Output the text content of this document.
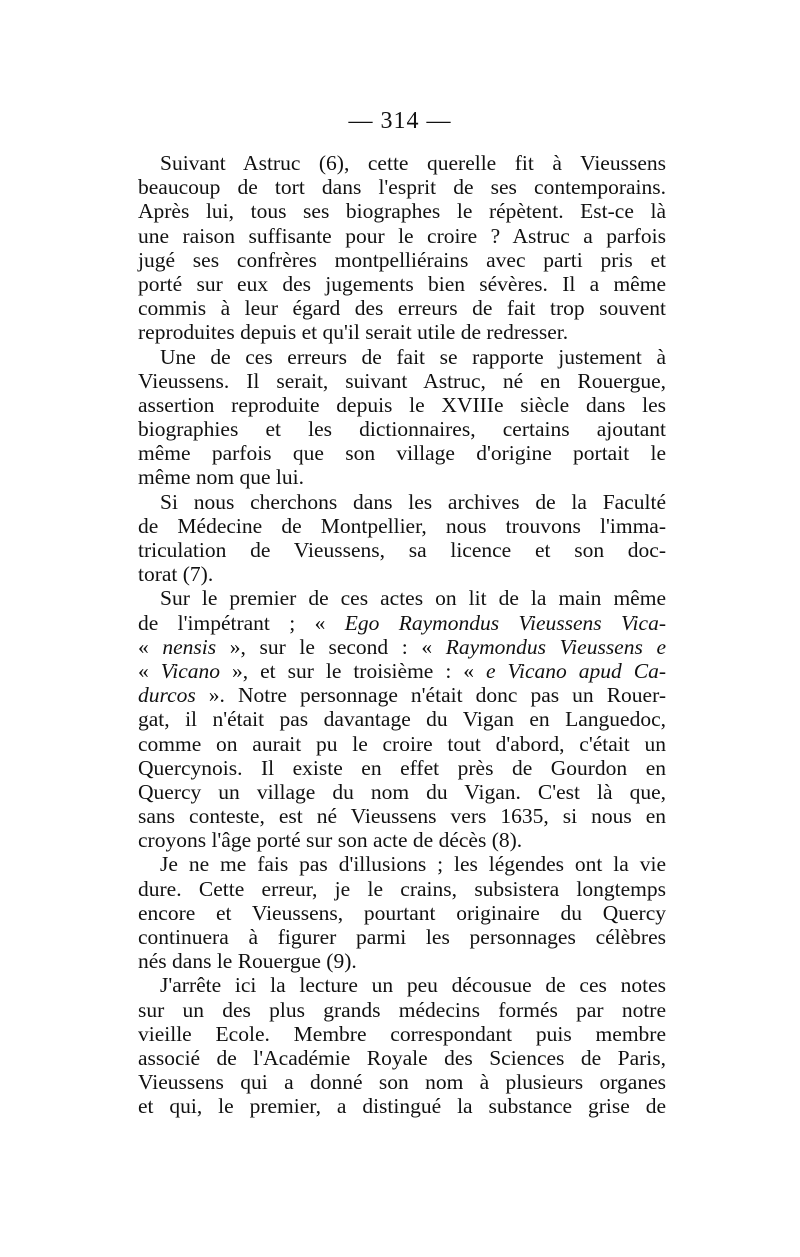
— 314 —
Suivant Astruc (6), cette querelle fit à Vieussens
beaucoup de tort dans l'esprit de ses contemporains.
Après lui, tous ses biographes le répètent. Est-ce là
une raison suffisante pour le croire ? Astruc a parfois
jugé ses confrères montpelliérains avec parti pris et
porté sur eux des jugements bien sévères. Il a même
commis à leur égard des erreurs de fait trop souvent
reproduites depuis et qu'il serait utile de redresser.
Une de ces erreurs de fait se rapporte justement à
Vieussens. Il serait, suivant Astruc, né en Rouergue,
assertion reproduite depuis le XVIIIe siècle dans les
biographies et les dictionnaires, certains ajoutant
même parfois que son village d'origine portait le
même nom que lui.
Si nous cherchons dans les archives de la Faculté
de Médecine de Montpellier, nous trouvons l'imma-
triculation de Vieussens, sa licence et son doc-
torat (7).
Sur le premier de ces actes on lit de la main même
de l'impétrant ; « Ego Raymondus Vieussens Vica-
« nensis », sur le second : « Raymondus Vieussens e
« Vicano », et sur le troisième : « e Vicano apud Ca-
durcos ». Notre personnage n'était donc pas un Rouer-
gat, il n'était pas davantage du Vigan en Languedoc,
comme on aurait pu le croire tout d'abord, c'était un
Quercynois. Il existe en effet près de Gourdon en
Quercy un village du nom du Vigan. C'est là que,
sans conteste, est né Vieussens vers 1635, si nous en
croyons l'âge porté sur son acte de décès (8).
Je ne me fais pas d'illusions ; les légendes ont la vie
dure. Cette erreur, je le crains, subsistera longtemps
encore et Vieussens, pourtant originaire du Quercy
continuera à figurer parmi les personnages célèbres
nés dans le Rouergue (9).
J'arrête ici la lecture un peu décousue de ces notes
sur un des plus grands médecins formés par notre
vieille Ecole. Membre correspondant puis membre
associé de l'Académie Royale des Sciences de Paris,
Vieussens qui a donné son nom à plusieurs organes
et qui, le premier, a distingué la substance grise de
